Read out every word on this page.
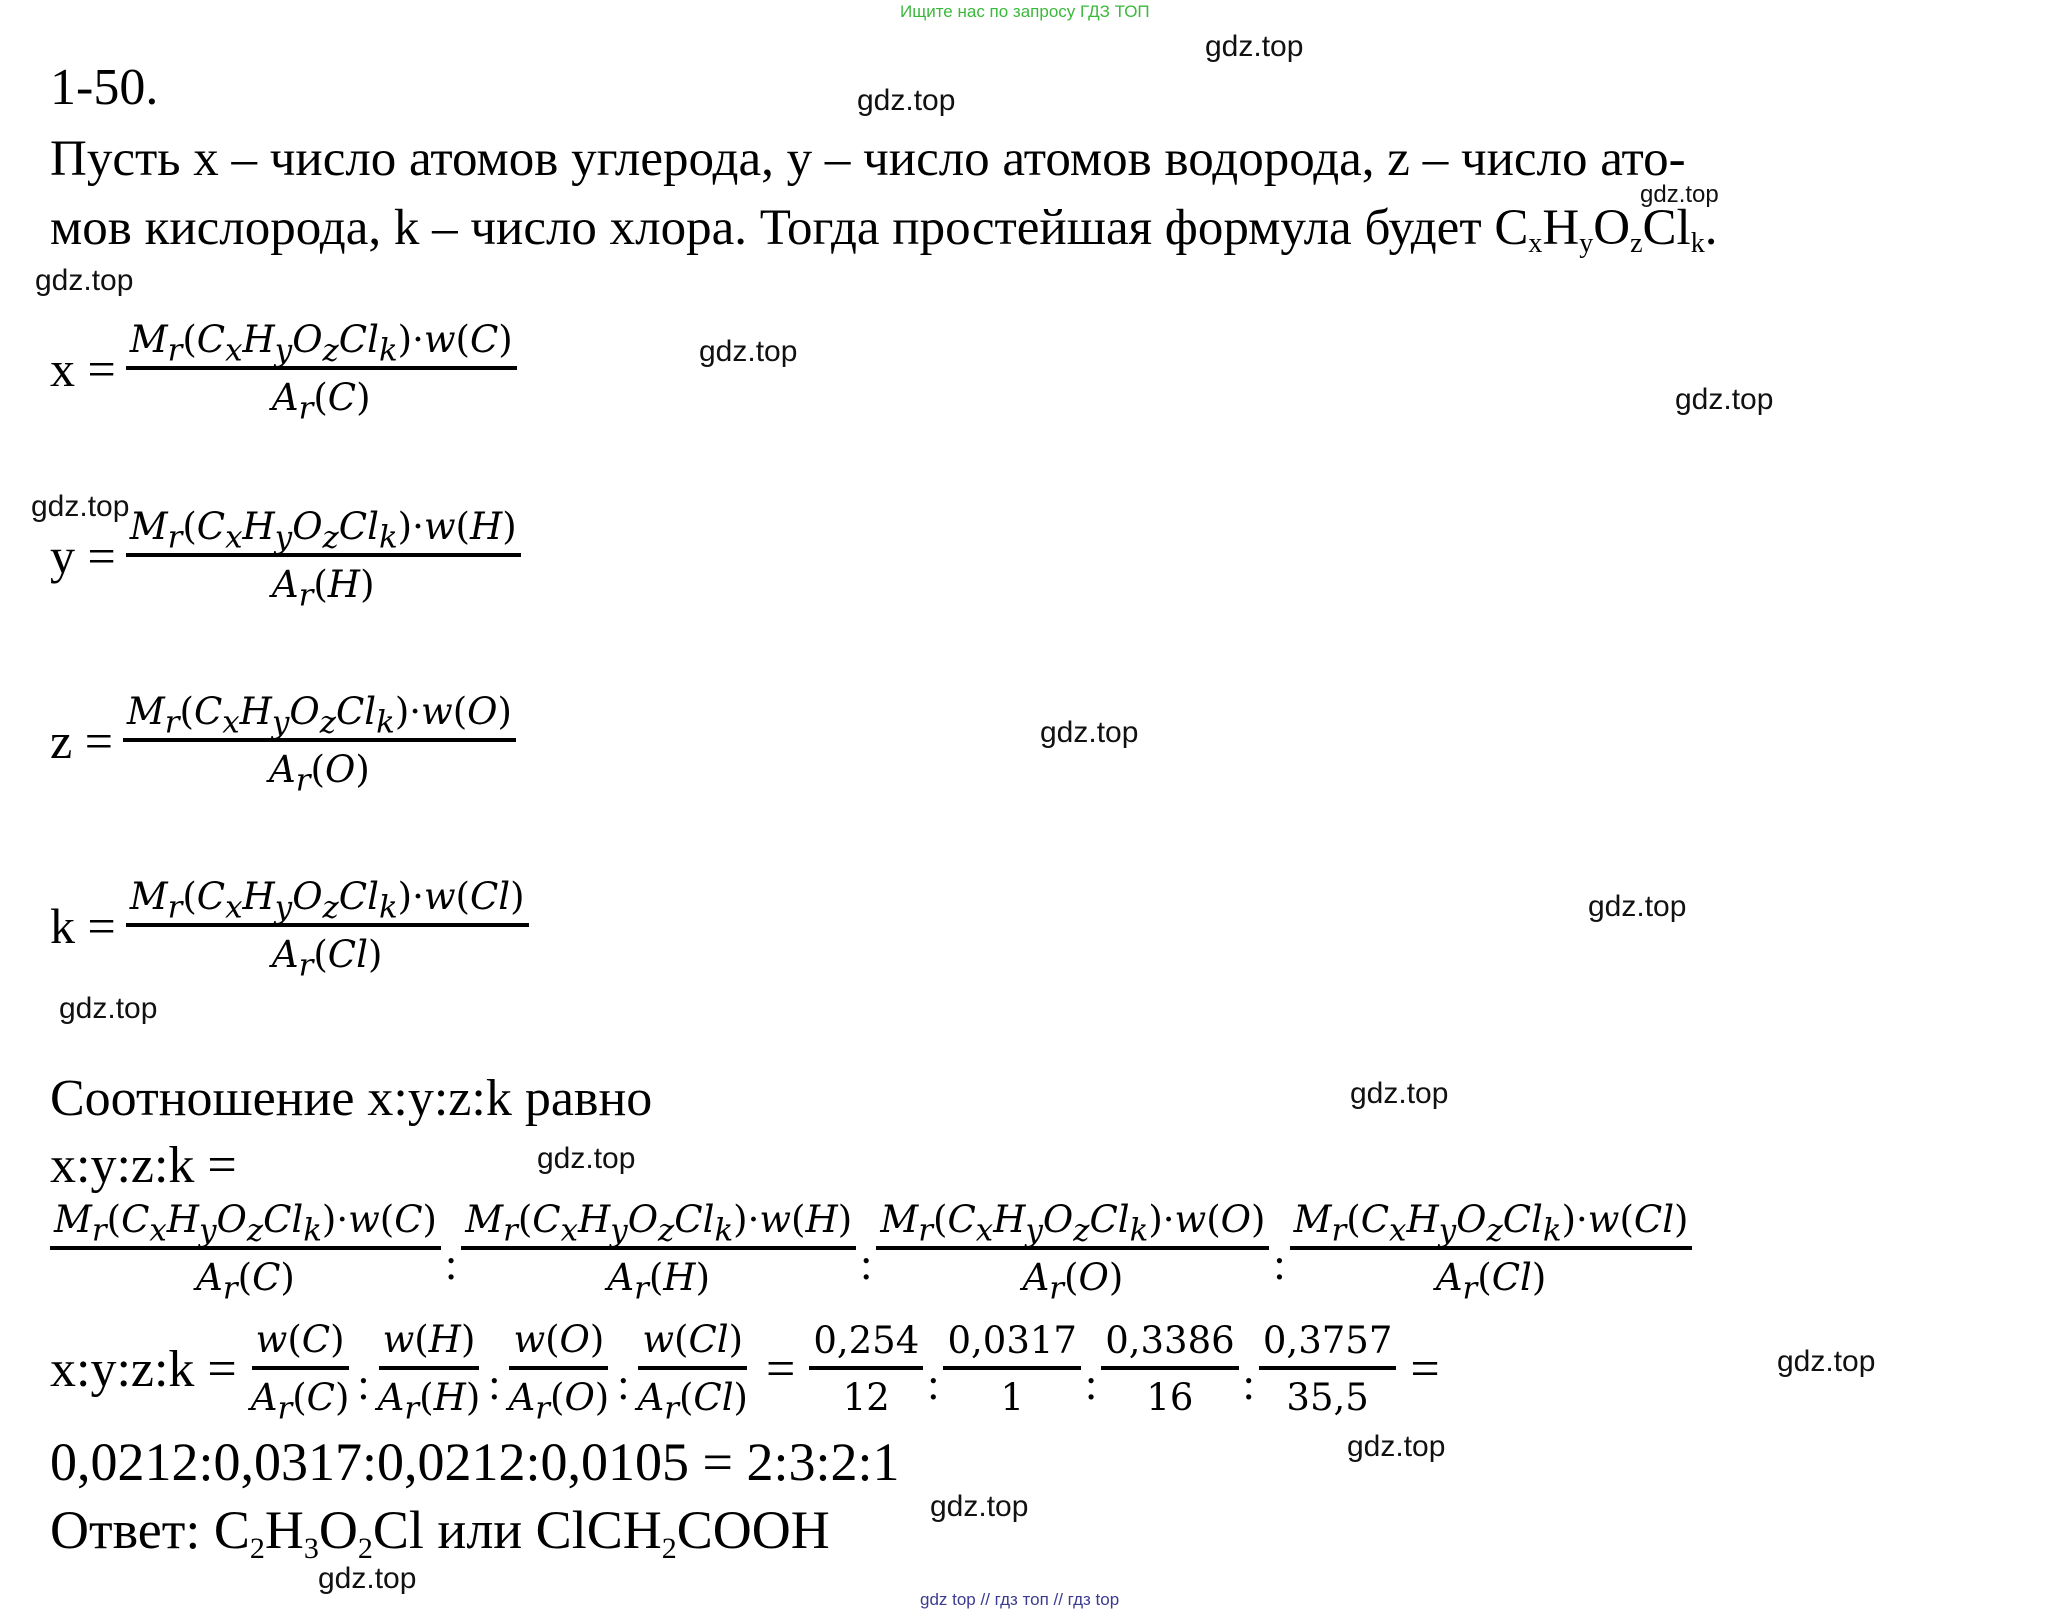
Ищите нас по запросу ГДЗ ТОП
1-50.
Пусть x – число атомов углерода, y – число атомов водорода, z – число ато-
мов кислорода, k – число хлора. Тогда простейшая формула будет CxHyOzClk.
$x = \frac{M_r(C_xH_yO_zCl_k)\cdot w(C)}{A_r(C)}$
$y = \frac{M_r(C_xH_yO_zCl_k)\cdot w(H)}{A_r(H)}$
$z = \frac{M_r(C_xH_yO_zCl_k)\cdot w(O)}{A_r(O)}$
$k = \frac{M_r(C_xH_yO_zCl_k)\cdot w(Cl)}{A_r(Cl)}$
Соотношение x:y:z:k равно
x:y:z:k =
$\frac{M_r(C_xH_yO_zCl_k)\cdot w(C)}{A_r(C)}$ : $\frac{M_r(C_xH_yO_zCl_k)\cdot w(H)}{A_r(H)}$ : $\frac{M_r(C_xH_yO_zCl_k)\cdot w(O)}{A_r(O)}$ : $\frac{M_r(C_xH_yO_zCl_k)\cdot w(Cl)}{A_r(Cl)}$
x:y:z:k = $\frac{w(C)}{A_r(C)}$ : $\frac{w(H)}{A_r(H)}$ : $\frac{w(O)}{A_r(O)}$ : $\frac{w(Cl)}{A_r(Cl)} = \frac{0,254}{12}$ : $\frac{0,0317}{1}$ : $\frac{0,3386}{16}$ : $\frac{0,3757}{35,5}$ =
0,0212:0,0317:0,0212:0,0105 = 2:3:2:1
Ответ: C2H3O2Cl или ClCH2COOH
gdz.top
gdz.top
gdz.top
gdz.top
gdz.top
gdz.top
gdz.top
gdz.top
gdz.top
gdz.top
gdz.top
gdz.top
gdz.top
gdz.top
gdz.top
gdz.top
gdz top // гдз топ // гдз top
